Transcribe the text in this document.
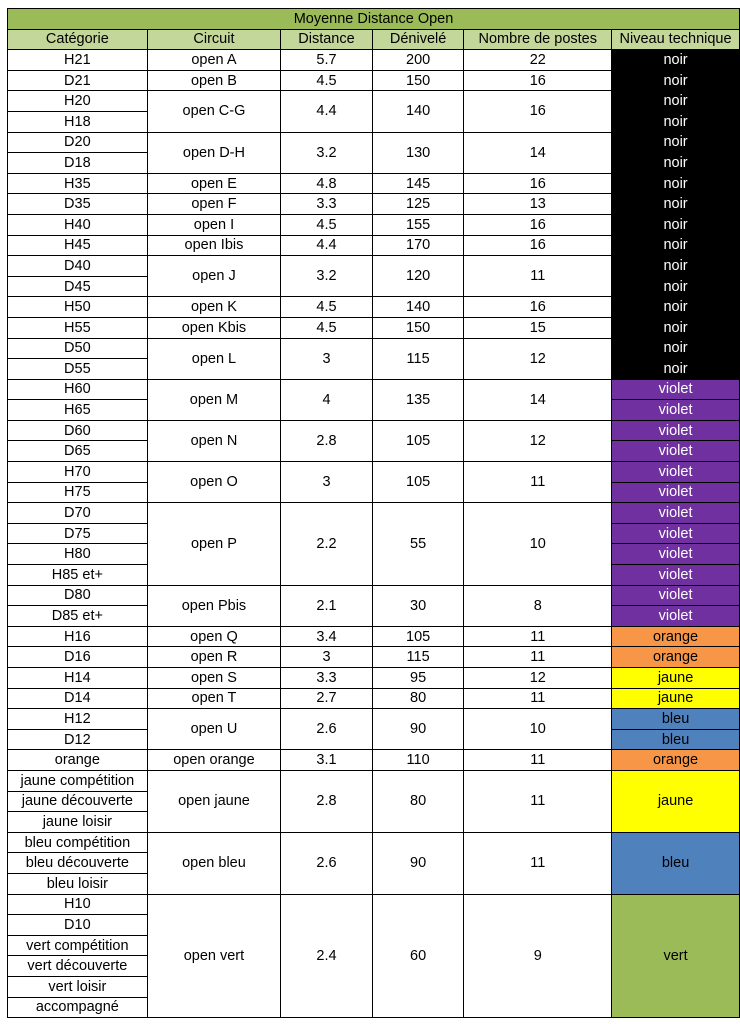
Moyenne Distance Open					
Catégorie	Circuit	Distance	Dénivelé	Nombre de postes	Niveau technique
H21	open A	5.7	200	22	noir
D21	open B	4.5	150	16	noir
H20	open C-G	4.4	140	16	noir
H18					noir
D20	open D-H	3.2	130	14	noir
D18					noir
H35	open E	4.8	145	16	noir
D35	open F	3.3	125	13	noir
H40	open I	4.5	155	16	noir
H45	open Ibis	4.4	170	16	noir
D40	open J	3.2	120	11	noir
D45					noir
H50	open K	4.5	140	16	noir
H55	open Kbis	4.5	150	15	noir
D50	open L	3	115	12	noir
D55					noir
H60	open M	4	135	14	violet
H65					violet
D60	open N	2.8	105	12	violet
D65					violet
H70	open O	3	105	11	violet
H75					violet
D70	open P	2.2	55	10	violet
D75					violet
H80					violet
H85 et+					violet
D80	open Pbis	2.1	30	8	violet
D85 et+					violet
H16	open Q	3.4	105	11	orange
D16	open R	3	115	11	orange
H14	open S	3.3	95	12	jaune
D14	open T	2.7	80	11	jaune
H12	open U	2.6	90	10	bleu
D12					bleu
orange	open orange	3.1	110	11	orange
jaune compétition	open jaune	2.8	80	11	jaune
jaune découverte					
jaune loisir					
bleu compétition	open bleu	2.6	90	11	bleu
bleu découverte					
bleu loisir					
H10	open vert	2.4	60	9	vert
D10					
vert compétition					
vert découverte					
vert loisir					
accompagné					
